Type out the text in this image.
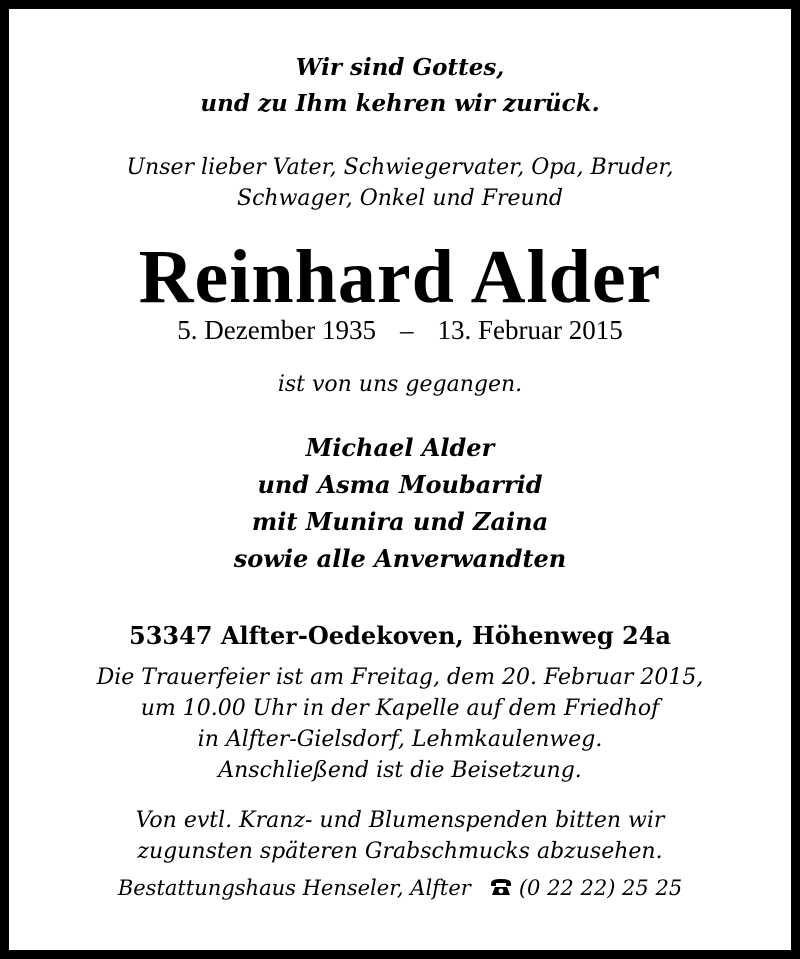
Wir sind Gottes,
und zu Ihm kehren wir zurück.
Unser lieber Vater, Schwiegervater, Opa, Bruder,
Schwager, Onkel und Freund
Reinhard Alder
5. Dezember 1935 – 13. Februar 2015

ist von uns gegangen.

Michael Alder
und Asma Moubarrid
mit Munira und Zaina
sowie alle Anverwandten

53347 Alfter-Oedekoven, Höhenweg 24a

Die Trauerfeier ist am Freitag, dem 20. Februar 2015,
um 10.00 Uhr in der Kapelle auf dem Friedhof
in Alfter-Gielsdorf, Lehmkaulenweg.
Anschließend ist die Beisetzung.
Von evtl. Kranz- und Blumenspenden bitten wir
zugunsten späteren Grabschmucks abzusehen.
Bestattungshaus Henseler, Alfter (0 22 22) 25 25
